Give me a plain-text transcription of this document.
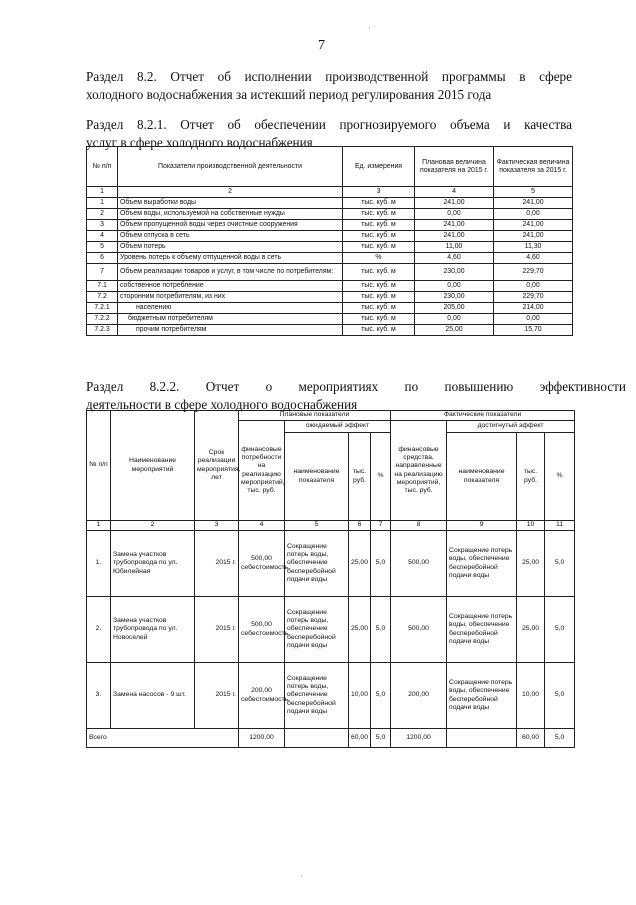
· ˙
7
Раздел 8.2. Отчет об исполнении производственной программы в сфере
холодного водоснабжения за истекший период регулирования 2015 года
Раздел 8.2.1. Отчет об обеспечении прогнозируемого объема и качества
услуг в сфере холодного водоснабжения
№ п/п	Показатели производственной деятельности	Ед. измерения	Плановая величина показателя на 2015 г.	Фактическая величина показателя за 2015 г.
1	2	3	4	5
1	Объем выработки воды	тыс. куб. м	241,00	241,00
2	Объем воды, используемой на собственные нужды	тыс. куб. м	0,00	0,00
3	Объем пропущенной воды через очистные сооружения	тыс. куб. м	241,00	241,00
4	Объем отпуска в сеть	тыс. куб. м	241,00	241,00
5	Объем потерь	тыс. куб. м	11,00	11,30
6	Уровень потерь к объему отпущенной воды в сеть	%	4,60	4,60
7	Объем реализации товаров и услуг, в том числе по потребителям:	тыс. куб. м	230,00	229,70
7.1	собственное потребление	тыс. куб. м	0,00	0,00
7.2	сторонним потребителям, из них	тыс. куб. м	230,00	229,70
7.2.1	населению	тыс. куб. м	205,00	214,00
7.2.2	бюджетным потребителям	тыс. куб. м	0,00	0,00
7.2.3	прочим потребителям	тыс. куб. м	25,00	15,70
Раздел 8.2.2. Отчет о мероприятиях по повышению эффективности
деятельности в сфере холодного водоснабжения
№ п/п	Наименование мероприятий	Срок реализации мероприятия, лет	Плановые показатели				Фактические показатели			
			финансовые потребности на реализацию мероприятий, тыс. руб.	ожидаемый эффект			финансовые средства, направленные на реализацию мероприятий, тыс. руб.	достигнутый эффект		
				наименование показателя	тыс. руб.	%		наименование показателя	тыс. руб.	%
1	2	3	4	5	6	7	8	9	10	11
1.	Замена участков трубопровода по ул. Юбилейная	2015 г.	500,00 себестоимость	Сокращение потерь воды, обеспечение бесперебойной подачи воды	25,00	5,0	500,00	Сокращение потерь воды, обеспечение бесперебойной подачи воды	25,00	5,0
2.	Замена участков трубопровода по ул. Новоселей	2015 г.	500,00 себестоимость	Сокращение потерь воды, обеспечение бесперебойной подачи воды	25,00	5,0	500,00	Сокращение потерь воды, обеспечение бесперебойной подачи воды	25,00	5,0
3.	Замена насосов - 9 шт.	2015 г.	200,00 себестоимость	Сокращение потерь воды, обеспечение бесперебойной подачи воды	10,00	5,0	200,00	Сокращение потерь воды, обеспечение бесперебойной подачи воды	10,00	5,0
Всего			1200,00		60,00	5,0	1200,00		60,00	5,0
·
